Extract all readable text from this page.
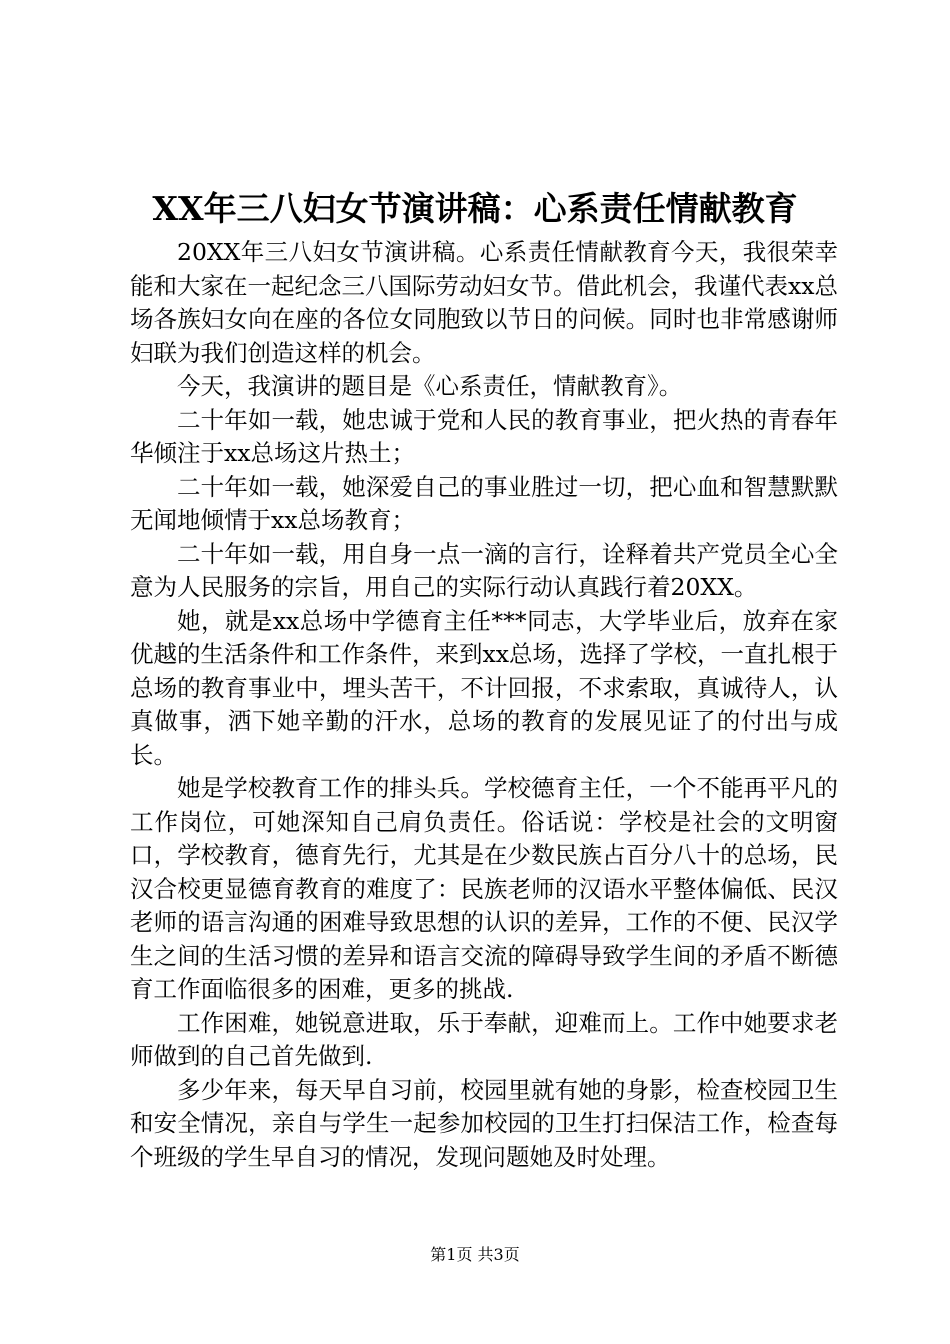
XX年三八妇女节演讲稿：心系责任情献教育

20XX年三八妇女节演讲稿。心系责任情献教育今天，我很荣幸能和大家在一起纪念三八国际劳动妇女节。借此机会，我谨代表xx总场各族妇女向在座的各位女同胞致以节日的问候。同时也非常感谢师妇联为我们创造这样的机会。

今天，我演讲的题目是《心系责任，情献教育》。

二十年如一载，她忠诚于党和人民的教育事业，把火热的青春年华倾注于xx总场这片热土；

二十年如一载，她深爱自己的事业胜过一切，把心血和智慧默默无闻地倾情于xx总场教育；

二十年如一载，用自身一点一滴的言行，诠释着共产党员全心全意为人民服务的宗旨，用自己的实际行动认真践行着20XX。

她，就是xx总场中学德育主任***同志，大学毕业后，放弃在家优越的生活条件和工作条件，来到xx总场，选择了学校，一直扎根于总场的教育事业中，埋头苦干，不计回报，不求索取，真诚待人，认真做事，洒下她辛勤的汗水，总场的教育的发展见证了的付出与成长。

她是学校教育工作的排头兵。学校德育主任，一个不能再平凡的工作岗位，可她深知自己肩负责任。俗话说：学校是社会的文明窗口，学校教育，德育先行，尤其是在少数民族占百分八十的总场，民汉合校更显德育教育的难度了：民族老师的汉语水平整体偏低、民汉老师的语言沟通的困难导致思想的认识的差异，工作的不便、民汉学生之间的生活习惯的差异和语言交流的障碍导致学生间的矛盾不断德育工作面临很多的困难，更多的挑战.

工作困难，她锐意进取，乐于奉献，迎难而上。工作中她要求老师做到的自己首先做到.

多少年来，每天早自习前，校园里就有她的身影，检查校园卫生和安全情况，亲自与学生一起参加校园的卫生打扫保洁工作，检查每个班级的学生早自习的情况，发现问题她及时处理。

第1页 共3页
